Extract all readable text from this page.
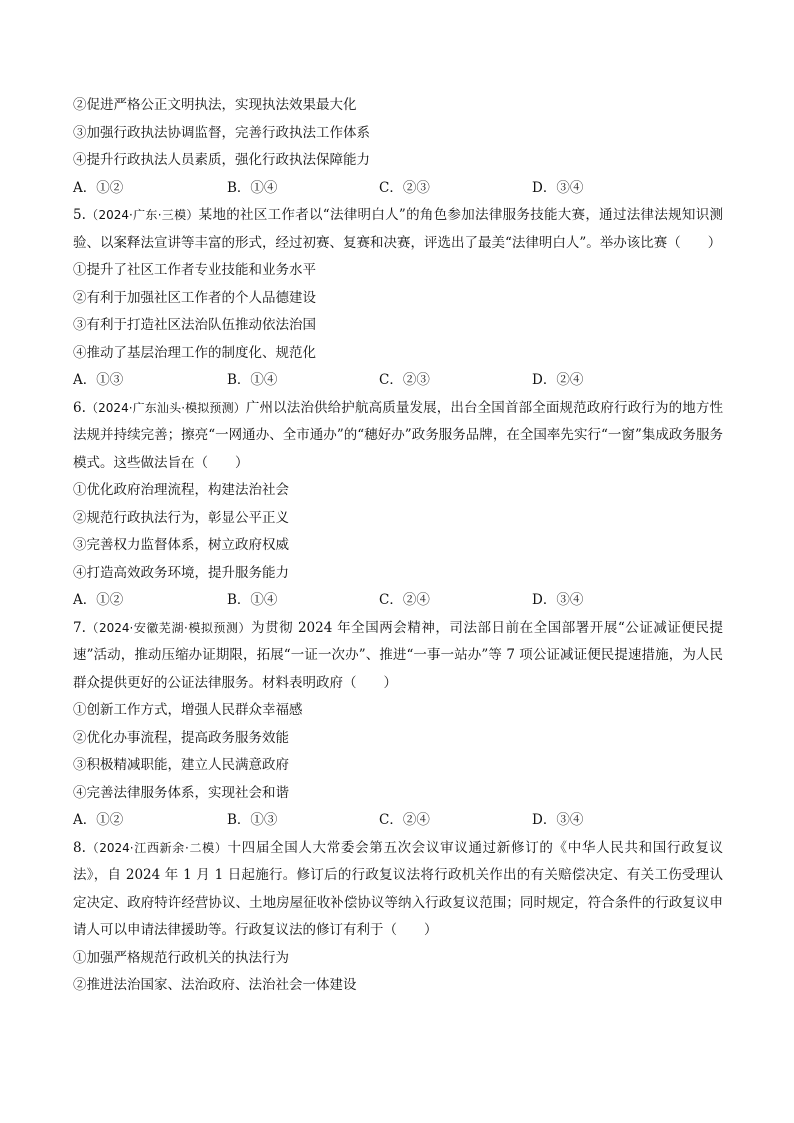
②促进严格公正文明执法，实现执法效果最大化
③加强行政执法协调监督，完善行政执法工作体系
④提升行政执法人员素质，强化行政执法保障能力
A．①②	B．①④	C．②③	D．③④
5.（2024·广东·三模）某地的社区工作者以“法律明白人”的角色参加法律服务技能大赛，通过法律法规知识测验、以案释法宣讲等丰富的形式，经过初赛、复赛和决赛，评选出了最美“法律明白人”。举办该比赛（　　）
①提升了社区工作者专业技能和业务水平
②有利于加强社区工作者的个人品德建设
③有利于打造社区法治队伍推动依法治国
④推动了基层治理工作的制度化、规范化
A．①③	B．①④	C．②③	D．②④
6.（2024·广东汕头·模拟预测）广州以法治供给护航高质量发展，出台全国首部全面规范政府行政行为的地方性法规并持续完善；擦亮“一网通办、全市通办”的“穗好办”政务服务品牌，在全国率先实行“一窗”集成政务服务模式。这些做法旨在（　　）
①优化政府治理流程，构建法治社会
②规范行政执法行为，彰显公平正义
③完善权力监督体系，树立政府权威
④打造高效政务环境，提升服务能力
A．①②	B．①④	C．②④	D．③④
7.（2024·安徽芜湖·模拟预测）为贯彻 2024 年全国两会精神，司法部日前在全国部署开展“公证减证便民提速”活动，推动压缩办证期限，拓展“一证一次办”、推进“一事一站办”等 7 项公证减证便民提速措施，为人民群众提供更好的公证法律服务。材料表明政府（　　）
①创新工作方式，增强人民群众幸福感
②优化办事流程，提高政务服务效能
③积极精减职能，建立人民满意政府
④完善法律服务体系，实现社会和谐
A．①②	B．①③	C．②④	D．③④
8.（2024·江西新余·二模）十四届全国人大常委会第五次会议审议通过新修订的《中华人民共和国行政复议法》，自 2024 年 1 月 1 日起施行。修订后的行政复议法将行政机关作出的有关赔偿决定、有关工伤受理认定决定、政府特许经营协议、土地房屋征收补偿协议等纳入行政复议范围；同时规定，符合条件的行政复议申请人可以申请法律援助等。行政复议法的修订有利于（　　）
①加强严格规范行政机关的执法行为
②推进法治国家、法治政府、法治社会一体建设
